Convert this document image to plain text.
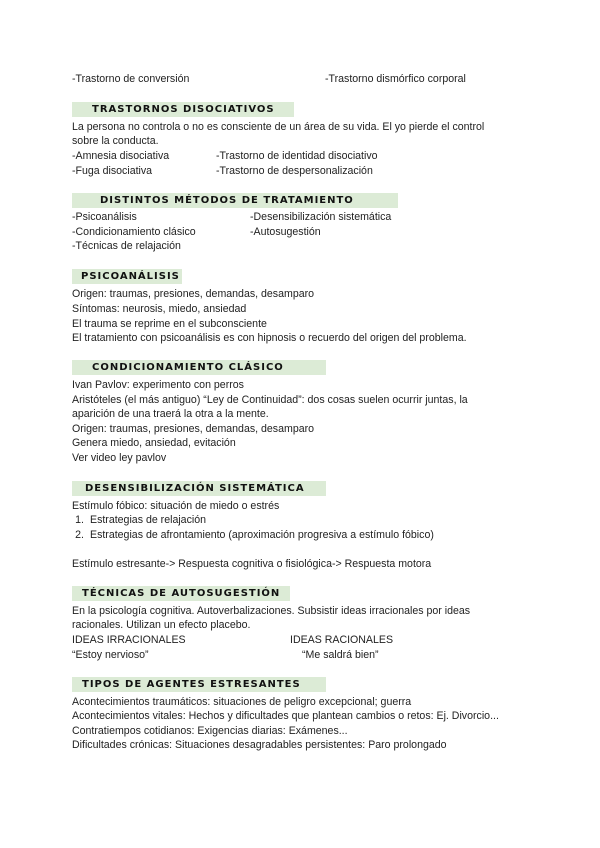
-Trastorno de conversión	-Trastorno dismórfico corporal
TRASTORNOS DISOCIATIVOS
La persona no controla o no es consciente de un área de su vida. El yo pierde el control
sobre la conducta.
-Amnesia disociativa	-Trastorno de identidad disociativo
-Fuga disociativa	-Trastorno de despersonalización
DISTINTOS MÉTODOS DE TRATAMIENTO
-Psicoanálisis	-Desensibilización sistemática
-Condicionamiento clásico	-Autosugestión
-Técnicas de relajación
PSICOANÁLISIS
Origen: traumas, presiones, demandas, desamparo
Síntomas: neurosis, miedo, ansiedad
El trauma se reprime en el subconsciente
El tratamiento con psicoanálisis es con hipnosis o recuerdo del origen del problema.
CONDICIONAMIENTO CLÁSICO
Ivan Pavlov: experimento con perros
Aristóteles (el más antiguo) “Ley de Continuidad”: dos cosas suelen ocurrir juntas, la
aparición de una traerá la otra a la mente.
Origen: traumas, presiones, demandas, desamparo
Genera miedo, ansiedad, evitación
Ver video ley pavlov
DESENSIBILIZACIÓN SISTEMÁTICA
Estímulo fóbico: situación de miedo o estrés
1. Estrategias de relajación
2. Estrategias de afrontamiento (aproximación progresiva a estímulo fóbico)
Estímulo estresante-> Respuesta cognitiva o fisiológica-> Respuesta motora
TÉCNICAS DE AUTOSUGESTIÓN
En la psicología cognitiva. Autoverbalizaciones. Subsistir ideas irracionales por ideas
racionales. Utilizan un efecto placebo.
IDEAS IRRACIONALES	IDEAS RACIONALES
“Estoy nervioso”	“Me saldrá bien”
TIPOS DE AGENTES ESTRESANTES
Acontecimientos traumáticos: situaciones de peligro excepcional; guerra
Acontecimientos vitales: Hechos y dificultades que plantean cambios o retos: Ej. Divorcio...
Contratiempos cotidianos: Exigencias diarias: Exámenes...
Dificultades crónicas: Situaciones desagradables persistentes: Paro prolongado
